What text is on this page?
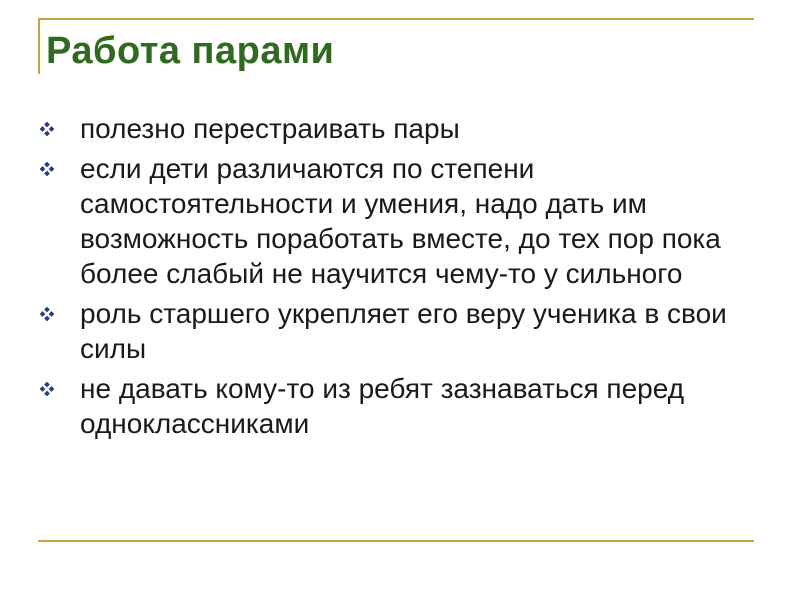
Работа парами
полезно перестраивать пары
если дети различаются по степени самостоятельности и умения, надо дать им возможность поработать вместе, до тех пор пока более слабый не научится чему-то у сильного
роль старшего укрепляет его веру ученика в свои силы
не давать кому-то из ребят зазнаваться перед одноклассниками
